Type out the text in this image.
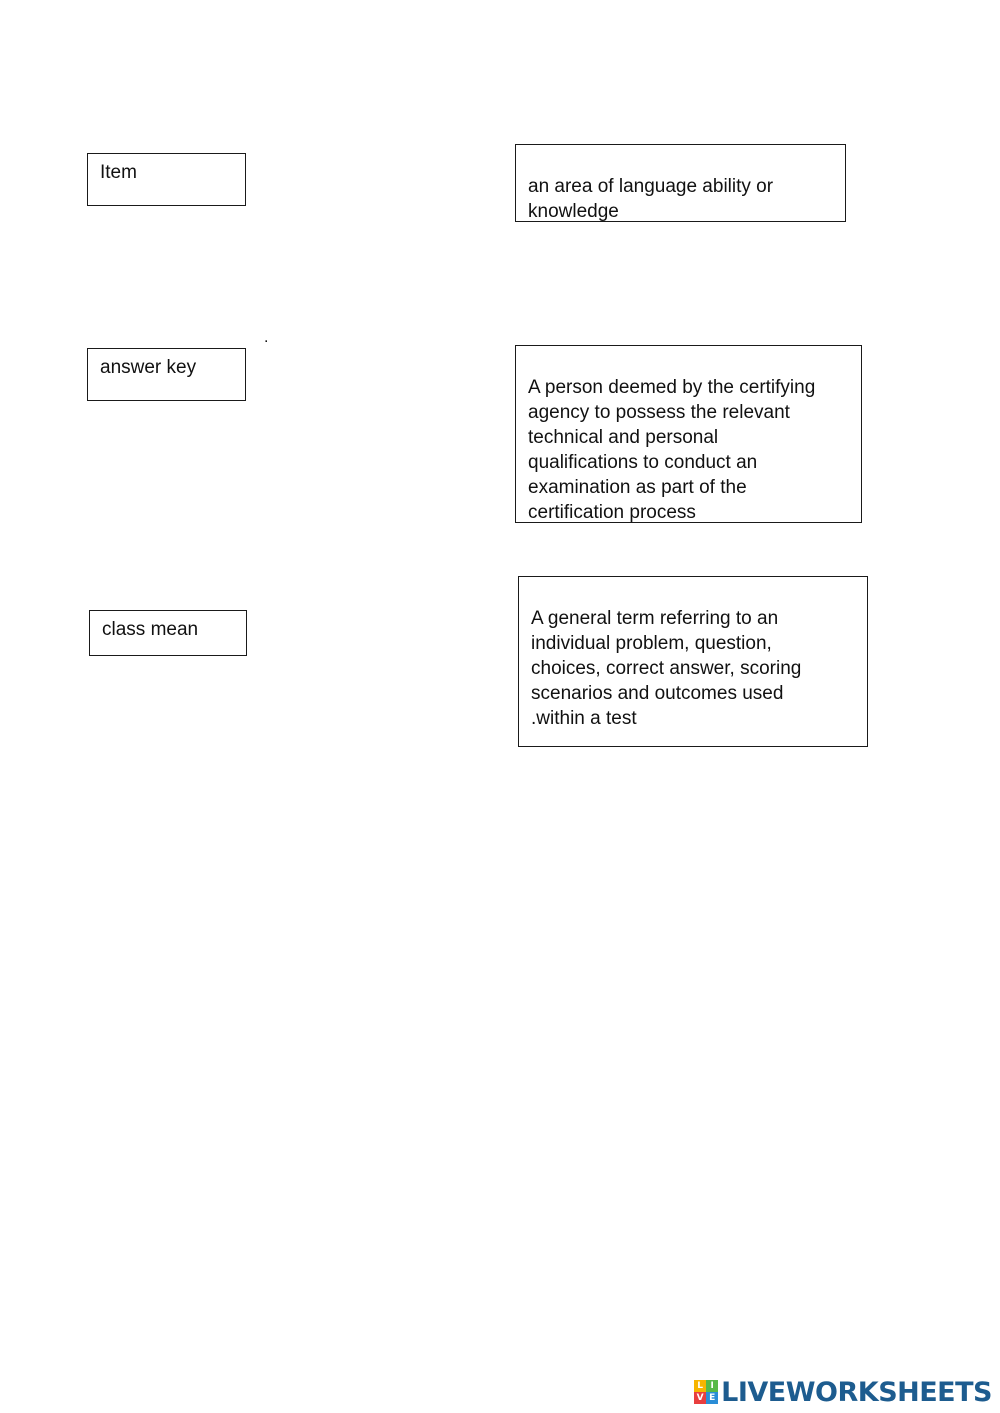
Item
answer key
class mean
.

an area of language ability or
knowledge

A person deemed by the certifying
agency to possess the relevant
technical and personal
qualifications to conduct an
examination as part of the
certification process

A general term referring to an
individual problem, question,
choices, correct answer, scoring
scenarios and outcomes used
.within a test

L I
V E LIVEWORKSHEETS
